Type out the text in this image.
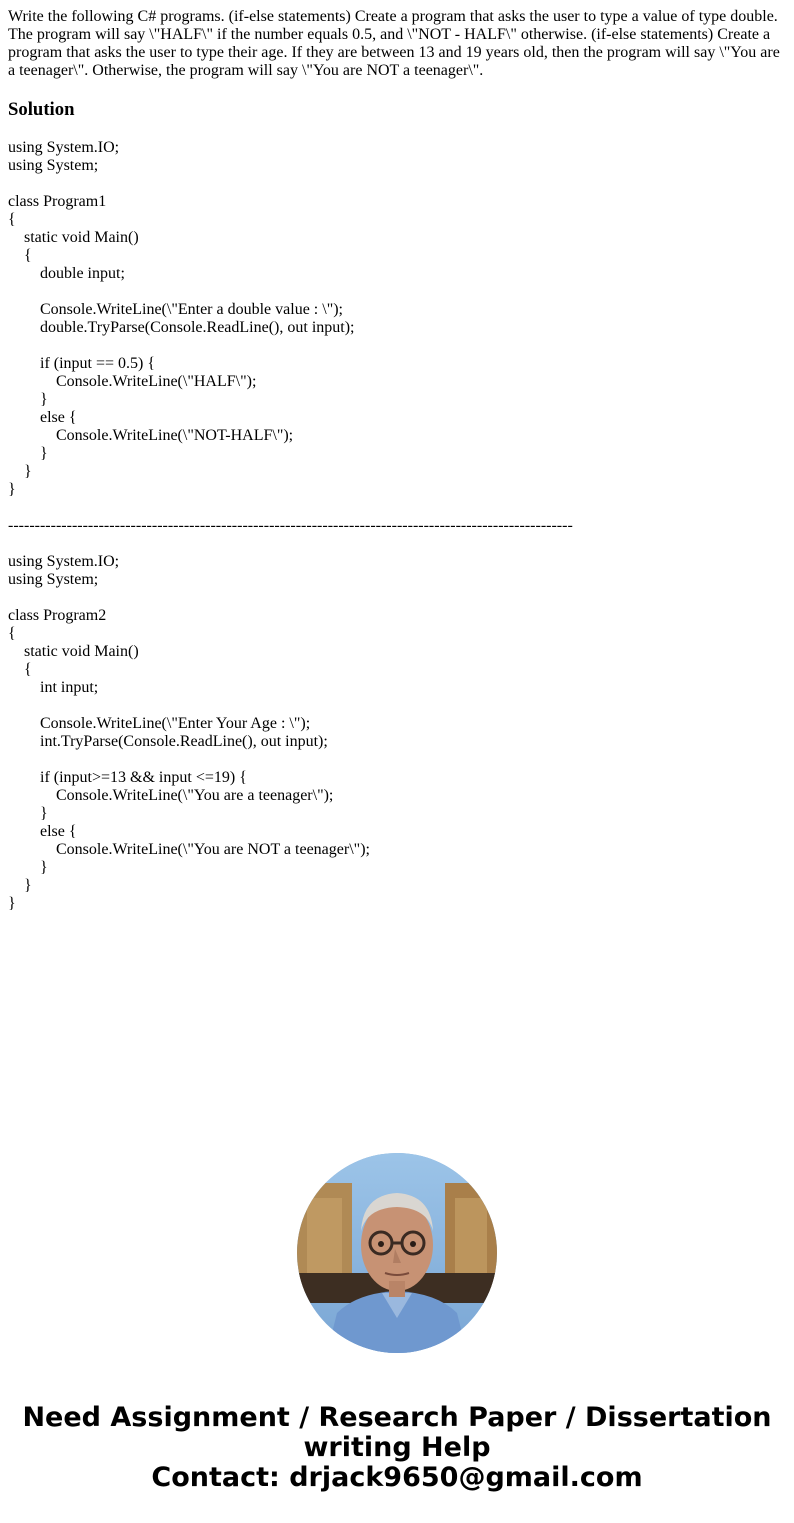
Write the following C# programs. (if-else statements) Create a program that asks the user to type a value of type double. The program will say \"HALF\" if the number equals 0.5, and \"NOT - HALF\" otherwise. (if-else statements) Create a program that asks the user to type their age. If they are between 13 and 19 years old, then the program will say \"You are a teenager\". Otherwise, the program will say \"You are NOT a teenager\".

Solution
using System.IO;
using System;

class Program1
{
static void Main()
{
double input;

Console.WriteLine(\"Enter a double value : \");
double.TryParse(Console.ReadLine(), out input);

if (input == 0.5) {
Console.WriteLine(\"HALF\");
}
else {
Console.WriteLine(\"NOT-HALF\");
}
}
}

----------------------------------------------------------------------------------------------------------

using System.IO;
using System;

class Program2
{
static void Main()
{
int input;

Console.WriteLine(\"Enter Your Age : \");
int.TryParse(Console.ReadLine(), out input);

if (input>=13 && input <=19) {
Console.WriteLine(\"You are a teenager\");
}
else {
Console.WriteLine(\"You are NOT a teenager\");
}
}
}
Need Assignment / Research Paper / Dissertation
writing Help
Contact: drjack9650@gmail.com
